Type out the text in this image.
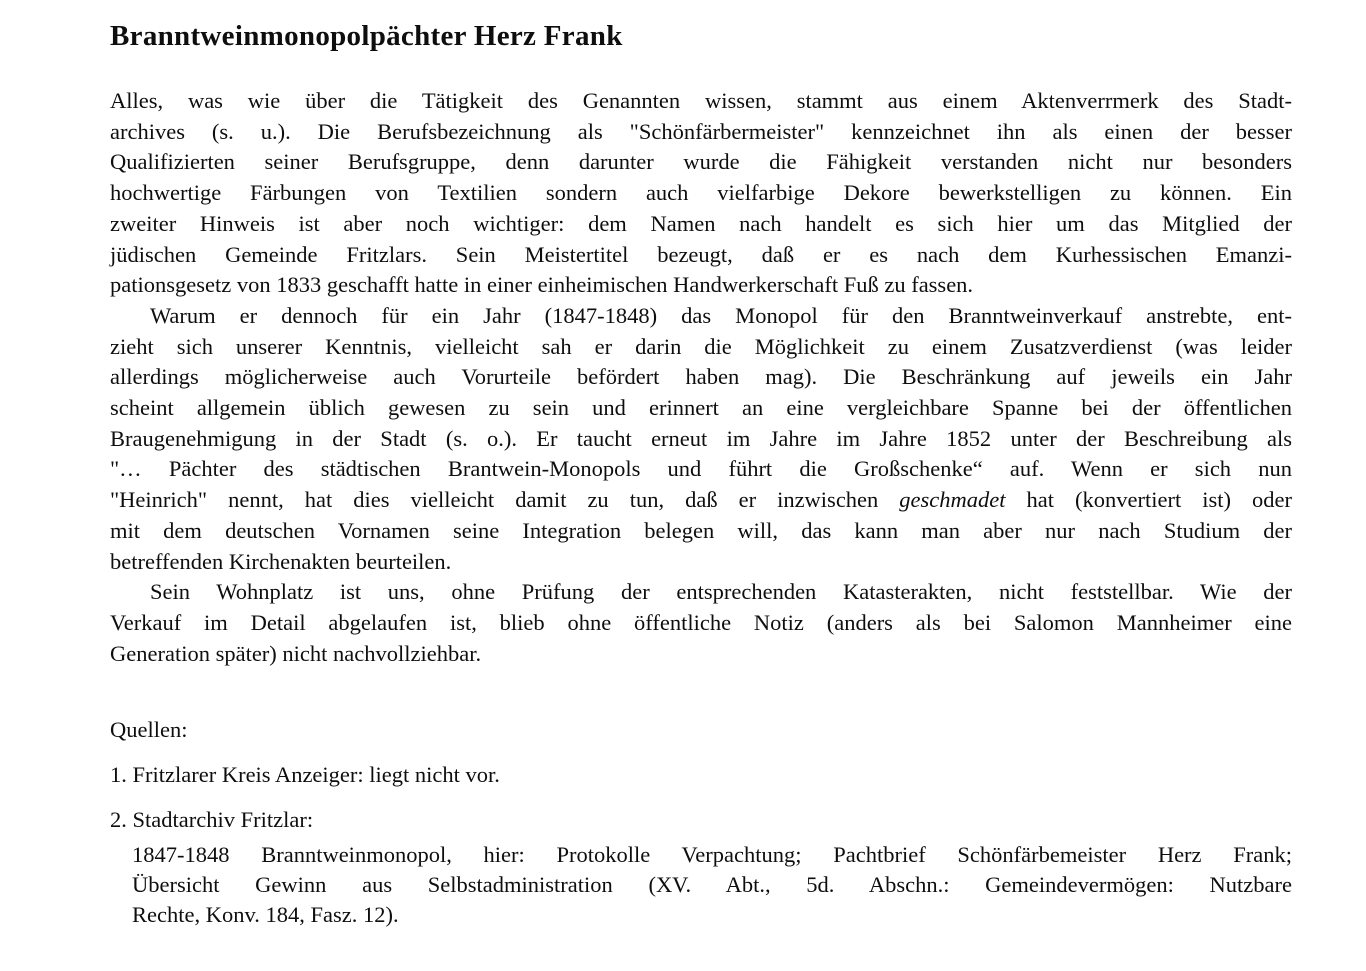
Branntweinmonopolpächter Herz Frank
Alles, was wie über die Tätigkeit des Genannten wissen, stammt aus einem Aktenverrmerk des Stadt-
archives (s. u.). Die Berufsbezeichnung als "Schönfärbermeister" kennzeichnet ihn als einen der besser
Qualifizierten seiner Berufsgruppe, denn darunter wurde die Fähigkeit verstanden nicht nur besonders
hochwertige Färbungen von Textilien sondern auch vielfarbige Dekore bewerkstelligen zu können. Ein
zweiter Hinweis ist aber noch wichtiger: dem Namen nach handelt es sich hier um das Mitglied der
jüdischen Gemeinde Fritzlars. Sein Meistertitel bezeugt, daß er es nach dem Kurhessischen Emanzi-
pationsgesetz von 1833 geschafft hatte in einer einheimischen Handwerkerschaft Fuß zu fassen.
Warum er dennoch für ein Jahr (1847-1848) das Monopol für den Branntweinverkauf anstrebte, ent-
zieht sich unserer Kenntnis, vielleicht sah er darin die Möglichkeit zu einem Zusatzverdienst (was leider
allerdings möglicherweise auch Vorurteile befördert haben mag). Die Beschränkung auf jeweils ein Jahr
scheint allgemein üblich gewesen zu sein und erinnert an eine vergleichbare Spanne bei der öffentlichen
Braugenehmigung in der Stadt (s. o.). Er taucht erneut im Jahre im Jahre 1852 unter der Beschreibung als
"… Pächter des städtischen Brantwein-Monopols und führt die Großschenke“ auf. Wenn er sich nun
"Heinrich" nennt, hat dies vielleicht damit zu tun, daß er inzwischen geschmadet hat (konvertiert ist) oder
mit dem deutschen Vornamen seine Integration belegen will, das kann man aber nur nach Studium der
betreffenden Kirchenakten beurteilen.
Sein Wohnplatz ist uns, ohne Prüfung der entsprechenden Katasterakten, nicht feststellbar. Wie der
Verkauf im Detail abgelaufen ist, blieb ohne öffentliche Notiz (anders als bei Salomon Mannheimer eine
Generation später) nicht nachvollziehbar.
Quellen:
1. Fritzlarer Kreis Anzeiger: liegt nicht vor.
2. Stadtarchiv Fritzlar:
1847-1848 Branntweinmonopol, hier: Protokolle Verpachtung; Pachtbrief Schönfärbemeister Herz Frank;
Übersicht Gewinn aus Selbstadministration (XV. Abt., 5d. Abschn.: Gemeindevermögen: Nutzbare
Rechte, Konv. 184, Fasz. 12).
